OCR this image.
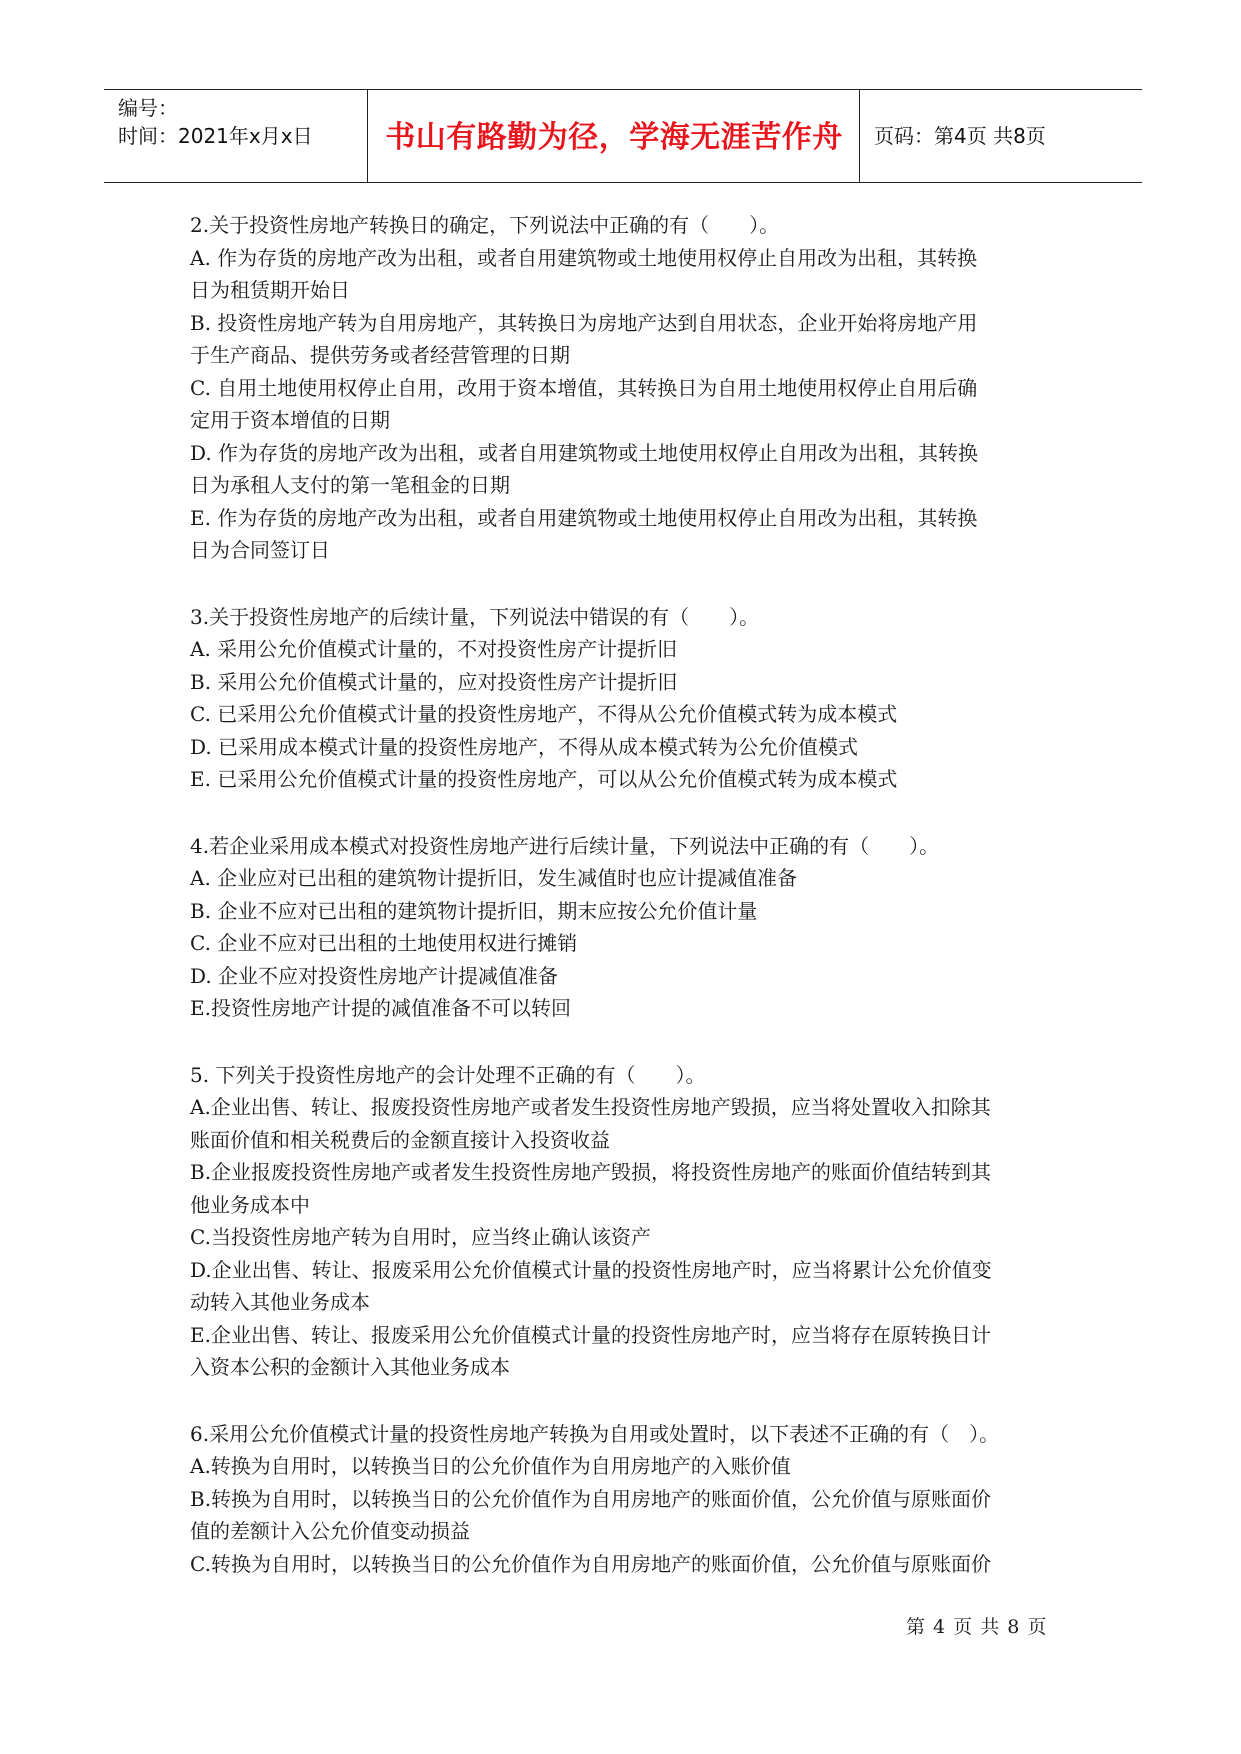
编号：
时间：2021年x月x日	书山有路勤为径，学海无涯苦作舟	页码：第4页 共8页
2.关于投资性房地产转换日的确定，下列说法中正确的有（　　）。
A. 作为存货的房地产改为出租，或者自用建筑物或土地使用权停止自用改为出租，其转换
日为租赁期开始日
B. 投资性房地产转为自用房地产，其转换日为房地产达到自用状态，企业开始将房地产用
于生产商品、提供劳务或者经营管理的日期
C. 自用土地使用权停止自用，改用于资本增值，其转换日为自用土地使用权停止自用后确
定用于资本增值的日期
D. 作为存货的房地产改为出租，或者自用建筑物或土地使用权停止自用改为出租，其转换
日为承租人支付的第一笔租金的日期
E. 作为存货的房地产改为出租，或者自用建筑物或土地使用权停止自用改为出租，其转换
日为合同签订日
3.关于投资性房地产的后续计量，下列说法中错误的有（　　）。
A. 采用公允价值模式计量的，不对投资性房产计提折旧
B. 采用公允价值模式计量的，应对投资性房产计提折旧
C. 已采用公允价值模式计量的投资性房地产，不得从公允价值模式转为成本模式
D. 已采用成本模式计量的投资性房地产，不得从成本模式转为公允价值模式
E. 已采用公允价值模式计量的投资性房地产，可以从公允价值模式转为成本模式
4.若企业采用成本模式对投资性房地产进行后续计量，下列说法中正确的有（　　）。
A. 企业应对已出租的建筑物计提折旧，发生减值时也应计提减值准备
B. 企业不应对已出租的建筑物计提折旧，期末应按公允价值计量
C. 企业不应对已出租的土地使用权进行摊销
D. 企业不应对投资性房地产计提减值准备
E.投资性房地产计提的减值准备不可以转回
5. 下列关于投资性房地产的会计处理不正确的有（　　）。
A.企业出售、转让、报废投资性房地产或者发生投资性房地产毁损，应当将处置收入扣除其
账面价值和相关税费后的金额直接计入投资收益
B.企业报废投资性房地产或者发生投资性房地产毁损，将投资性房地产的账面价值结转到其
他业务成本中
C.当投资性房地产转为自用时，应当终止确认该资产
D.企业出售、转让、报废采用公允价值模式计量的投资性房地产时，应当将累计公允价值变
动转入其他业务成本
E.企业出售、转让、报废采用公允价值模式计量的投资性房地产时，应当将存在原转换日计
入资本公积的金额计入其他业务成本
6.采用公允价值模式计量的投资性房地产转换为自用或处置时，以下表述不正确的有（　）。
A.转换为自用时，以转换当日的公允价值作为自用房地产的入账价值
B.转换为自用时，以转换当日的公允价值作为自用房地产的账面价值，公允价值与原账面价
值的差额计入公允价值变动损益
C.转换为自用时，以转换当日的公允价值作为自用房地产的账面价值，公允价值与原账面价
第 4 页 共 8 页
